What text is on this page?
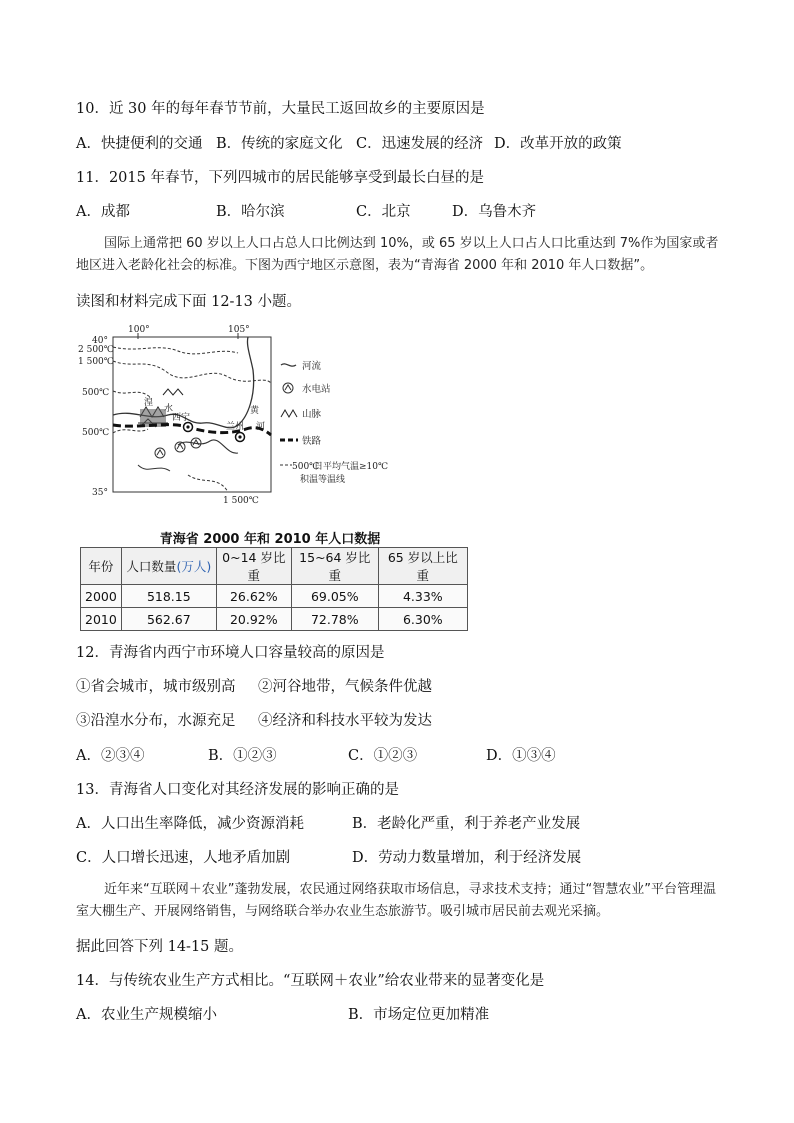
10．近 30 年的每年春节节前，大量民工返回故乡的主要原因是
A．快捷便利的交通 B．传统的家庭文化 C．迅速发展的经济 D．改革开放的政策
11．2015 年春节，下列四城市的居民能够享受到最长白昼的是
A．成都	B．哈尔滨	C．北京	D．乌鲁木齐

国际上通常把 60 岁以上人口占总人口比例达到 10%，或 65 岁以上人口占人口比重达到 7%作为国家或者地区进入老龄化社会的标准。下图为西宁地区示意图，表为“青海省 2000 年和 2010 年人口数据”。

读图和材料完成下面 12-13 小题。
100°	105°
40°
35°
2 500℃
1 500℃
500℃
500℃
1 500℃
湟
水
西宁
兰州
黄
河
河流
水电站
山脉
铁路
500℃
日平均气温≥10℃
积温等温线
青海省 2000 年和 2010 年人口数据
年份	人口数量(万人)	0~14 岁比重	15~64 岁比重	65 岁以上比重
2000	518.15	26.62%	69.05%	4.33%
2010	562.67	20.92%	72.78%	6.30%
12．青海省内西宁市环境人口容量较高的原因是
①省会城市，城市级别高 ②河谷地带，气候条件优越
③沿湟水分布，水源充足 ④经济和科技水平较为发达
A．②③④	B．①②③	C．①②③	D．①③④
13．青海省人口变化对其经济发展的影响正确的是
A．人口出生率降低，减少资源消耗	B．老龄化严重，利于养老产业发展
C．人口增长迅速，人地矛盾加剧	D．劳动力数量增加，利于经济发展

近年来“互联网＋农业”蓬勃发展，农民通过网络获取市场信息，寻求技术支持；通过“智慧农业”平台管理温室大棚生产、开展网络销售，与网络联合举办农业生态旅游节。吸引城市居民前去观光采摘。

据此回答下列 14-15 题。
14．与传统农业生产方式相比。“互联网＋农业”给农业带来的显著变化是
A．农业生产规模缩小	B．市场定位更加精准
